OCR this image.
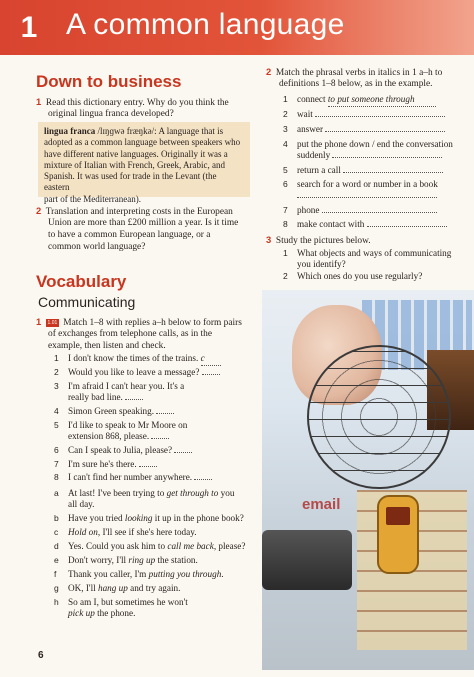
1 A common language
Down to business
1 Read this dictionary entry. Why do you think the
original lingua franca developed?
lingua franca /lɪŋɡwə fræŋkə/: A language that is
adopted as a common language between speakers who
have different native languages. Originally it was a
mixture of Italian with French, Greek, Arabic, and
Spanish. It was used for trade in the Levant (the eastern
part of the Mediterranean).
2 Translation and interpreting costs in the European
Union are more than £200 million a year. Is it time
to have a common European language, or a
common world language?
Vocabulary
Communicating
1 1.01 Match 1–8 with replies a–h below to form pairs
of exchanges from telephone calls, as in the
example, then listen and check.
1 I don't know the times of the trains. c
2 Would you like to leave a message?
3 I'm afraid I can't hear you. It's a
really bad line.
4 Simon Green speaking.
5 I'd like to speak to Mr Moore on
extension 868, please.
6 Can I speak to Julia, please?
7 I'm sure he's there.
8 I can't find her number anywhere.
a At last! I've been trying to get through to you
all day.
b Have you tried looking it up in the phone book?
c Hold on, I'll see if she's here today.
d Yes. Could you ask him to call me back, please?
e Don't worry, I'll ring up the station.
f Thank you caller, I'm putting you through.
g OK, I'll hang up and try again.
h So am I, but sometimes he won't
pick up the phone.
2 Match the phrasal verbs in italics in 1 a–h to
definitions 1–8 below, as in the example.
1 connect to put someone through
2 wait
3 answer
4 put the phone down / end the conversation
suddenly
5 return a call
6 search for a word or number in a book
7 phone
8 make contact with
3 Study the pictures below.
1 What objects and ways of communicating
you identify?
2 Which ones do you use regularly?
email
6
